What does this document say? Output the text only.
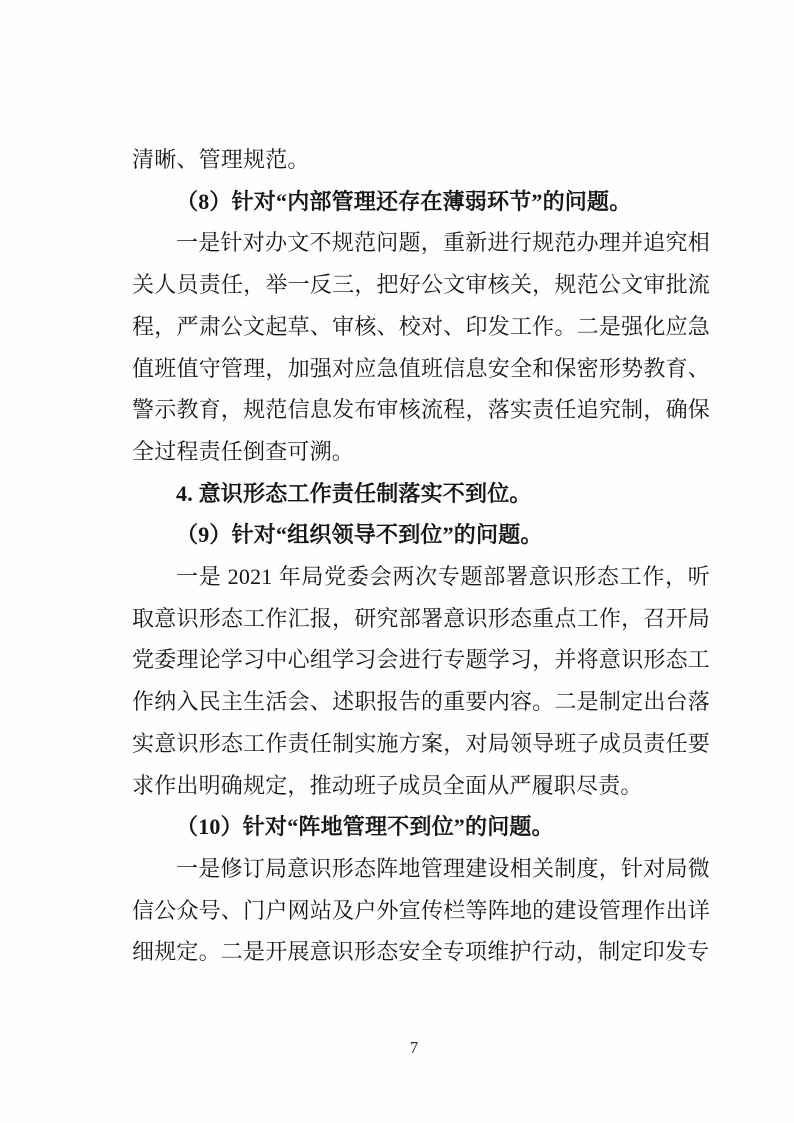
清晰、管理规范。

（8）针对“内部管理还存在薄弱环节”的问题。

一是针对办文不规范问题，重新进行规范办理并追究相关人员责任，举一反三，把好公文审核关，规范公文审批流程，严肃公文起草、审核、校对、印发工作。二是强化应急值班值守管理，加强对应急值班信息安全和保密形势教育、警示教育，规范信息发布审核流程，落实责任追究制，确保全过程责任倒查可溯。

4. 意识形态工作责任制落实不到位。

（9）针对“组织领导不到位”的问题。

一是 2021 年局党委会两次专题部署意识形态工作，听取意识形态工作汇报，研究部署意识形态重点工作，召开局党委理论学习中心组学习会进行专题学习，并将意识形态工作纳入民主生活会、述职报告的重要内容。二是制定出台落实意识形态工作责任制实施方案，对局领导班子成员责任要求作出明确规定，推动班子成员全面从严履职尽责。

（10）针对“阵地管理不到位”的问题。

一是修订局意识形态阵地管理建设相关制度，针对局微信公众号、门户网站及户外宣传栏等阵地的建设管理作出详细规定。二是开展意识形态安全专项维护行动，制定印发专

7
